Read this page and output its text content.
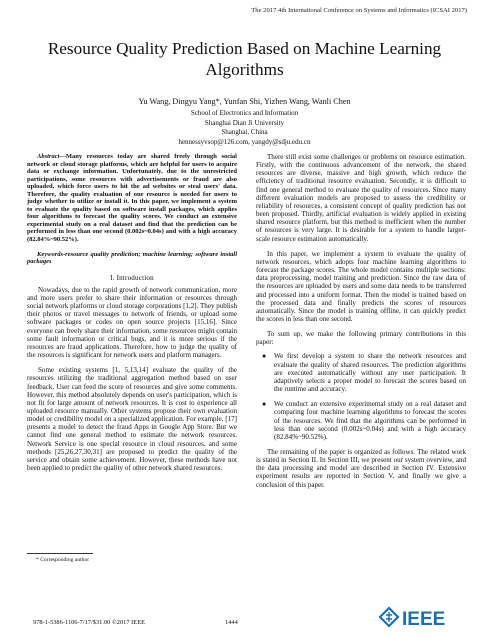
The 2017 4th International Conference on Systems and Informatics (ICSAI 2017)
Resource Quality Prediction Based on Machine Learning Algorithms
Yu Wang, Dingyu Yang*, Yunfan Shi, Yizhen Wang, Wanli Chen
School of Electronics and Information
Shanghai Dian Ji University
Shanghai, China
hennessyvsop@126.com, yangdy@sdju.edu.cn

Abstract—Many resources today are shared freely through social network or cloud storage platforms, which are helpful for users to acquire data or exchange information. Unfortunately, due to the unrestricted participations, some resources with advertisements or fraud are also uploaded, which force users to hit the ad websites or steal users' data. Therefore, the quality evaluation of one resource is needed for users to judge whether to utilize or install it. In this paper, we implement a system to evaluate the quality based on software install packages, which applies four algorithms to forecast the quality scores. We conduct an extensive experimental study on a real dataset and find that the prediction can be performed in less than one second (0.002s~0.04s) and with a high accuracy (82.84%~90.52%).

Keywords-resource quality prediction; machine learning; software install packages

I. Introduction

Nowadays, due to the rapid growth of network communication, more and more users prefer to share their information or resources through social network platforms or cloud storage corporations [1,2]. They publish their photos or travel messages to network of friends, or upload some software packages or codes on open source projects [15,16]. Since everyone can freely share their information, some resources might contain some fault information or critical bugs, and it is more serious if the resources are fraud applications. Therefore, how to judge the quality of the resources is significant for network users and platform managers.

Some existing systems [1, 5,13,14] evaluate the quality of the resources utilizing the traditional aggregation method based on user feedback. User can feed the score of resources and give some comments. However, this method absolutely depends on user's participation, which is not fit for large amount of network resources. It is cost to experience all uploaded resource manually. Other systems propose their own evaluation model or credibility model on a specialized application. For example, [17] presents a model to detect the fraud Apps in Google App Store. But we cannot find one general method to estimate the network resources. Network Service is one special resource in cloud resources, and some methods [25,26,27,30,31] are proposed to predict the quality of the service and obtain some achievement. However, these methods have not been applied to predict the quality of other network shared resources.

There still exist some challenges or problems on resource estimation. Firstly, with the continuous advancement of the network, the shared resources are diverse, massive and high growth, which reduce the efficiency of traditional resource evaluation. Secondly, it is difficult to find one general method to evaluate the quality of resources. Since many different evaluation models are proposed to assess the credibility or reliability of resources, a consistent concept of quality prediction has not been proposed. Thirdly, artificial evaluation is widely applied in existing shared resource platform, but this method is inefficient when the number of resources is very large. It is desirable for a system to handle larger-scale resource estimation automatically.

In this paper, we implement a system to evaluate the quality of network resources, which adopts four machine learning algorithms to forecast the package scores. The whole model contains multiple sections: data preprocessing, model training and prediction. Since the raw data of the resources are uploaded by users and some data needs to be transferred and processed into a uniform format. Then the model is trained based on the processed data and finally predicts the scores of resources automatically. Since the model is training offline, it can quickly predict the scores in less than one second.

To sum up, we make the following primary contributions in this paper:

● We first develop a system to share the network resources and evaluate the quality of shared resources. The prediction algorithms are executed automatically without any user participation. It adaptively selects a proper model to forecast the scores based on the runtime and accuracy.
● We conduct an extensive experimental study on a real dataset and comparing four machine learning algorithms to forecast the scores of the resources. We find that the algorithms can be performed in less than one second (0.002s~0.04s) and with a high accuracy (82.84%~90.52%).

The remaining of the paper is organized as follows. The related work is stated in Section II. In Section III, we present our system overview, and the data processing and model are described in Section IV. Extensive experiment results are reported in Section V, and finally we give a conclusion of this paper.

* Corresponding author
978-1-5386-1106-7/17/$31.00 ©2017 IEEE	1444	IEEE
